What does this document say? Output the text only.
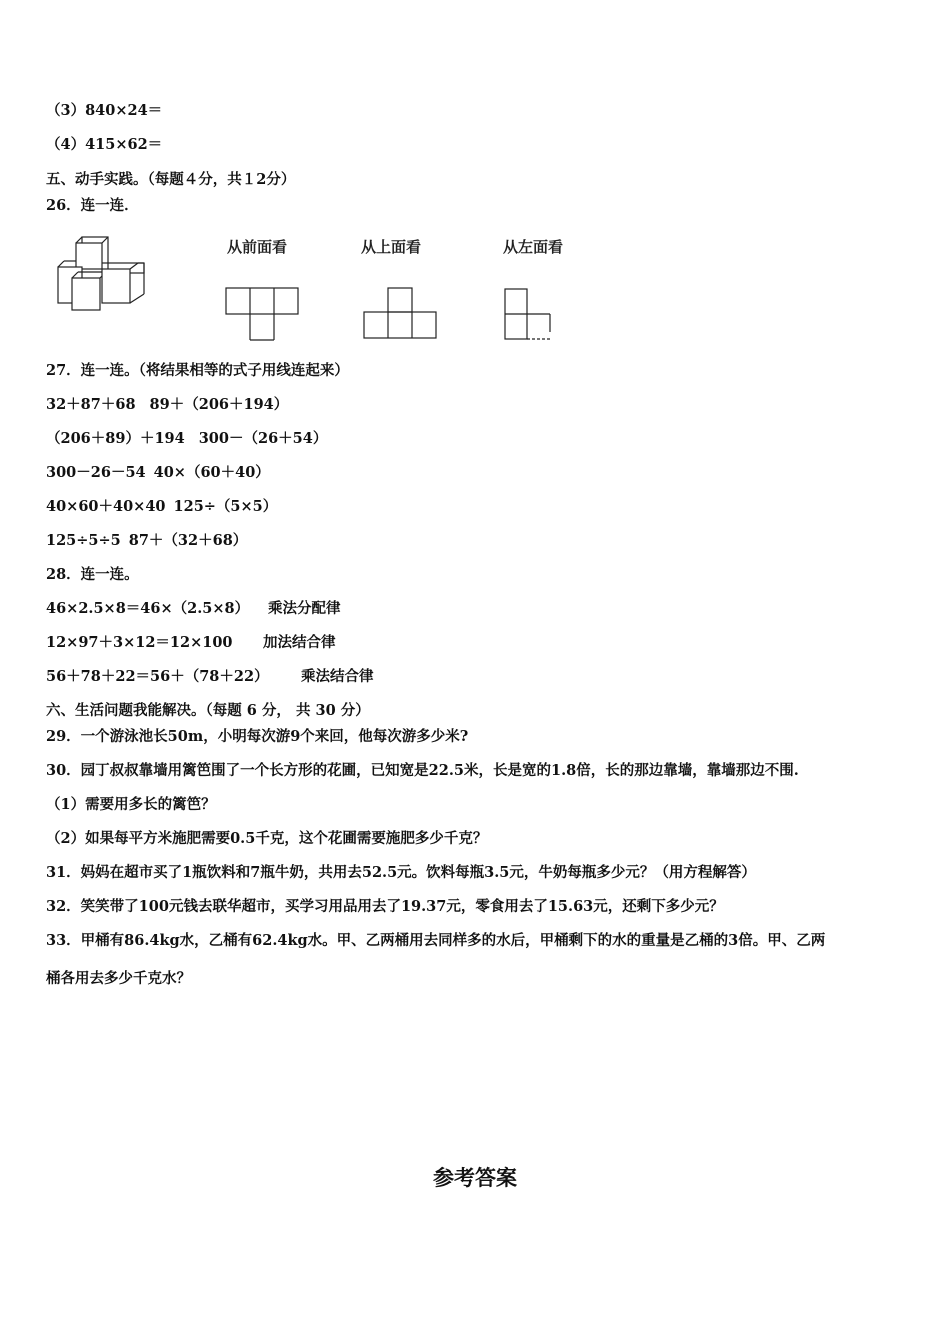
（3）840×24＝
（4）415×62＝
五、动手实践。（每题４分，共１2分）
26．连一连．
从前面看	从上面看	从左面看
27．连一连。（将结果相等的式子用线连起来）
32＋87＋68 89＋（206＋194）
（206＋89）＋194 300－（26＋54）
300－26－54 40×（60＋40）
40×60＋40×40 125÷（5×5）
125÷5÷5 87＋（32＋68）
28．连一连。
46×2.5×8＝46×（2.5×8） 乘法分配律
12×97＋3×12＝12×100 加法结合律
56＋78＋22＝56＋（78＋22） 乘法结合律
六、生活问题我能解决。（每题 6 分， 共 30 分）
29．一个游泳池长50m，小明每次游9个来回，他每次游多少米?
30．园丁叔叔靠墙用篱笆围了一个长方形的花圃，已知宽是22.5米，长是宽的1.8倍，长的那边靠墙，靠墙那边不围.
（1）需要用多长的篱笆？
（2）如果每平方米施肥需要0.5千克，这个花圃需要施肥多少千克？
31．妈妈在超市买了1瓶饮料和7瓶牛奶，共用去52.5元。饮料每瓶3.5元，牛奶每瓶多少元？（用方程解答）
32．笑笑带了100元钱去联华超市，买学习用品用去了19.37元，零食用去了15.63元，还剩下多少元？
33．甲桶有86.4kg水，乙桶有62.4kg水。甲、乙两桶用去同样多的水后，甲桶剩下的水的重量是乙桶的3倍。甲、乙两
桶各用去多少千克水？
参考答案
